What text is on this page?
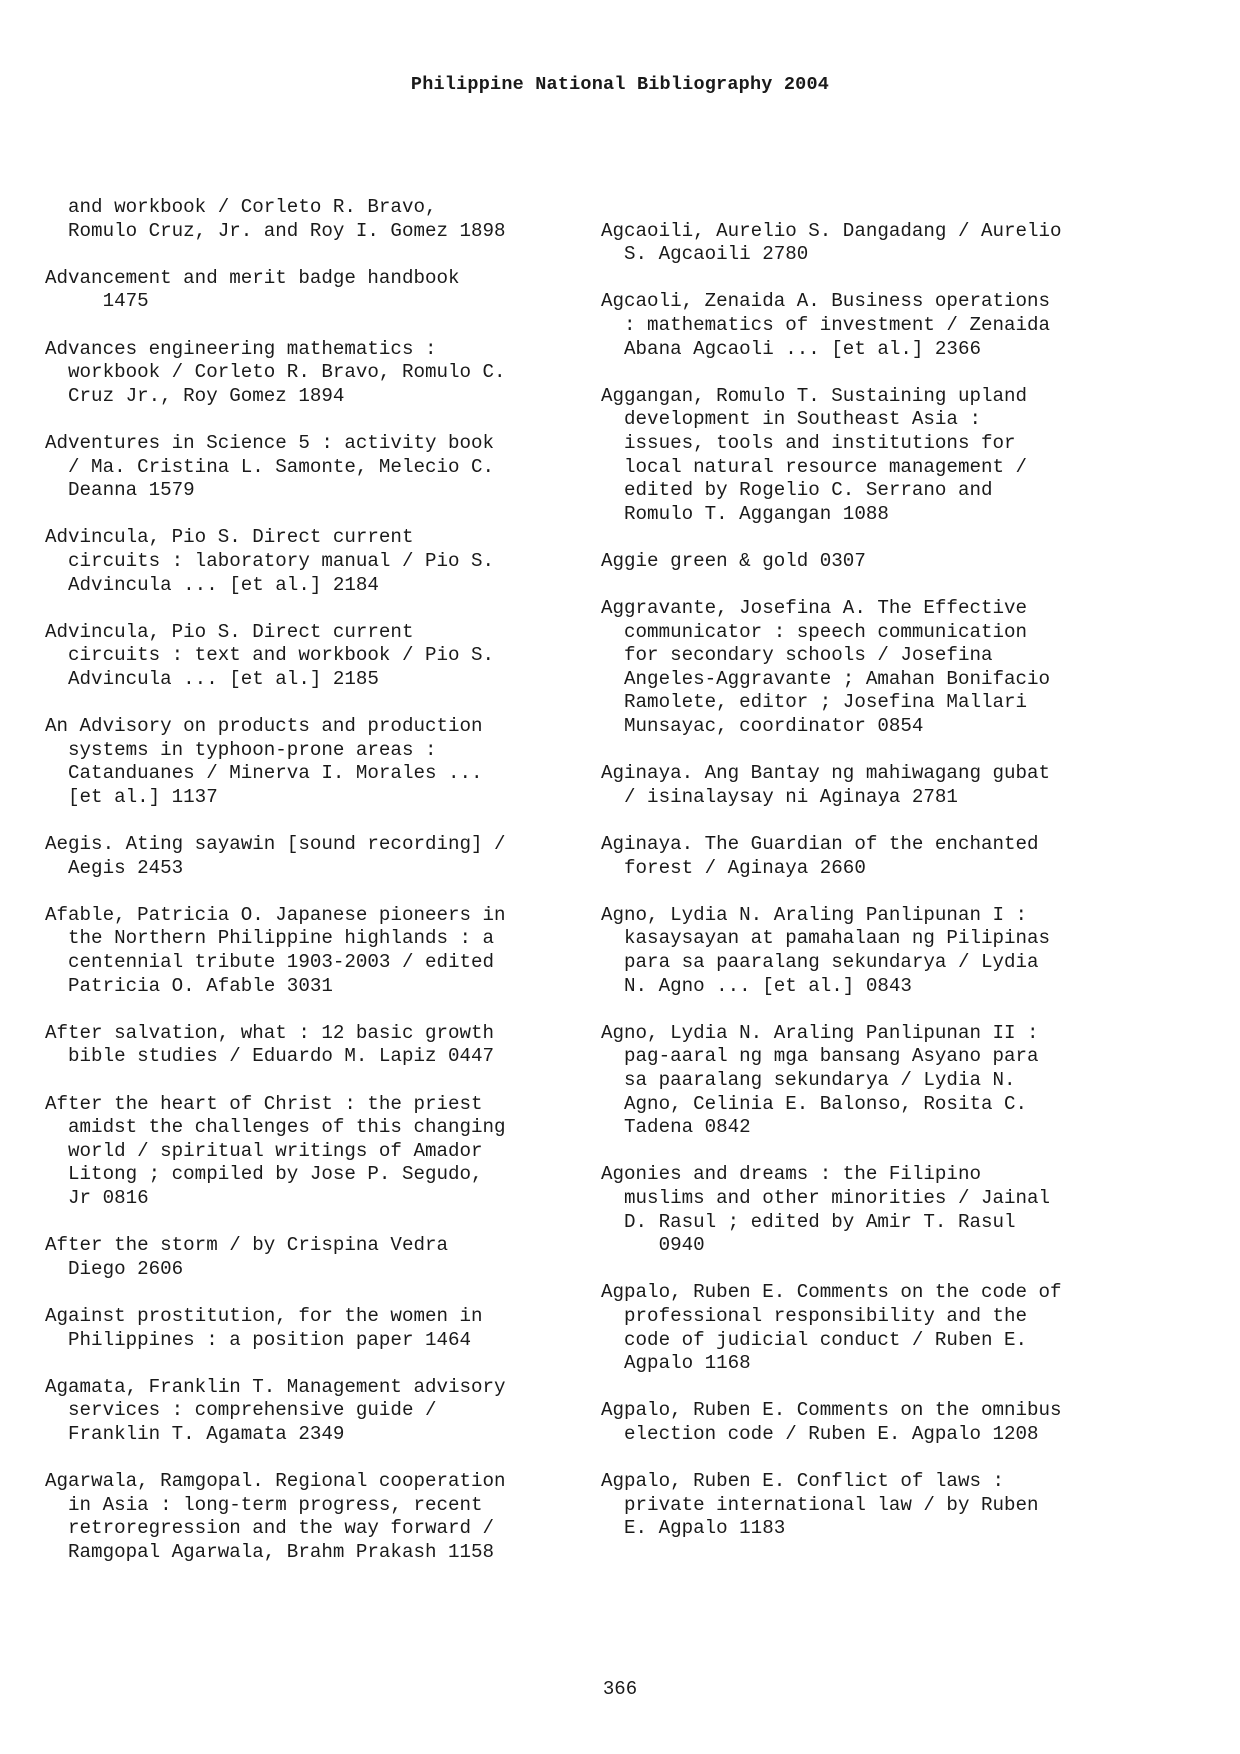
Philippine National Bibliography 2004
and workbook / Corleto R. Bravo,
Romulo Cruz, Jr. and Roy I. Gomez 1898
Advancement and merit badge handbook
1475
Advances engineering mathematics :
workbook / Corleto R. Bravo, Romulo C.
Cruz Jr., Roy Gomez 1894
Adventures in Science 5 : activity book
/ Ma. Cristina L. Samonte, Melecio C.
Deanna 1579
Advincula, Pio S. Direct current
circuits : laboratory manual / Pio S.
Advincula ... [et al.] 2184
Advincula, Pio S. Direct current
circuits : text and workbook / Pio S.
Advincula ... [et al.] 2185
An Advisory on products and production
systems in typhoon-prone areas :
Catanduanes / Minerva I. Morales ...
[et al.] 1137
Aegis. Ating sayawin [sound recording] /
Aegis 2453
Afable, Patricia O. Japanese pioneers in
the Northern Philippine highlands : a
centennial tribute 1903-2003 / edited
Patricia O. Afable 3031
After salvation, what : 12 basic growth
bible studies / Eduardo M. Lapiz 0447
After the heart of Christ : the priest
amidst the challenges of this changing
world / spiritual writings of Amador
Litong ; compiled by Jose P. Segudo,
Jr 0816
After the storm / by Crispina Vedra
Diego 2606
Against prostitution, for the women in
Philippines : a position paper 1464
Agamata, Franklin T. Management advisory
services : comprehensive guide /
Franklin T. Agamata 2349
Agarwala, Ramgopal. Regional cooperation
in Asia : long-term progress, recent
retroregression and the way forward /
Ramgopal Agarwala, Brahm Prakash 1158
Agcaoili, Aurelio S. Dangadang / Aurelio
S. Agcaoili 2780
Agcaoli, Zenaida A. Business operations
: mathematics of investment / Zenaida
Abana Agcaoli ... [et al.] 2366
Aggangan, Romulo T. Sustaining upland
development in Southeast Asia :
issues, tools and institutions for
local natural resource management /
edited by Rogelio C. Serrano and
Romulo T. Aggangan 1088
Aggie green & gold 0307
Aggravante, Josefina A. The Effective
communicator : speech communication
for secondary schools / Josefina
Angeles-Aggravante ; Amahan Bonifacio
Ramolete, editor ; Josefina Mallari
Munsayac, coordinator 0854
Aginaya. Ang Bantay ng mahiwagang gubat
/ isinalaysay ni Aginaya 2781
Aginaya. The Guardian of the enchanted
forest / Aginaya 2660
Agno, Lydia N. Araling Panlipunan I :
kasaysayan at pamahalaan ng Pilipinas
para sa paaralang sekundarya / Lydia
N. Agno ... [et al.] 0843
Agno, Lydia N. Araling Panlipunan II :
pag-aaral ng mga bansang Asyano para
sa paaralang sekundarya / Lydia N.
Agno, Celinia E. Balonso, Rosita C.
Tadena 0842
Agonies and dreams : the Filipino
muslims and other minorities / Jainal
D. Rasul ; edited by Amir T. Rasul
0940
Agpalo, Ruben E. Comments on the code of
professional responsibility and the
code of judicial conduct / Ruben E.
Agpalo 1168
Agpalo, Ruben E. Comments on the omnibus
election code / Ruben E. Agpalo 1208
Agpalo, Ruben E. Conflict of laws :
private international law / by Ruben
E. Agpalo 1183
366
